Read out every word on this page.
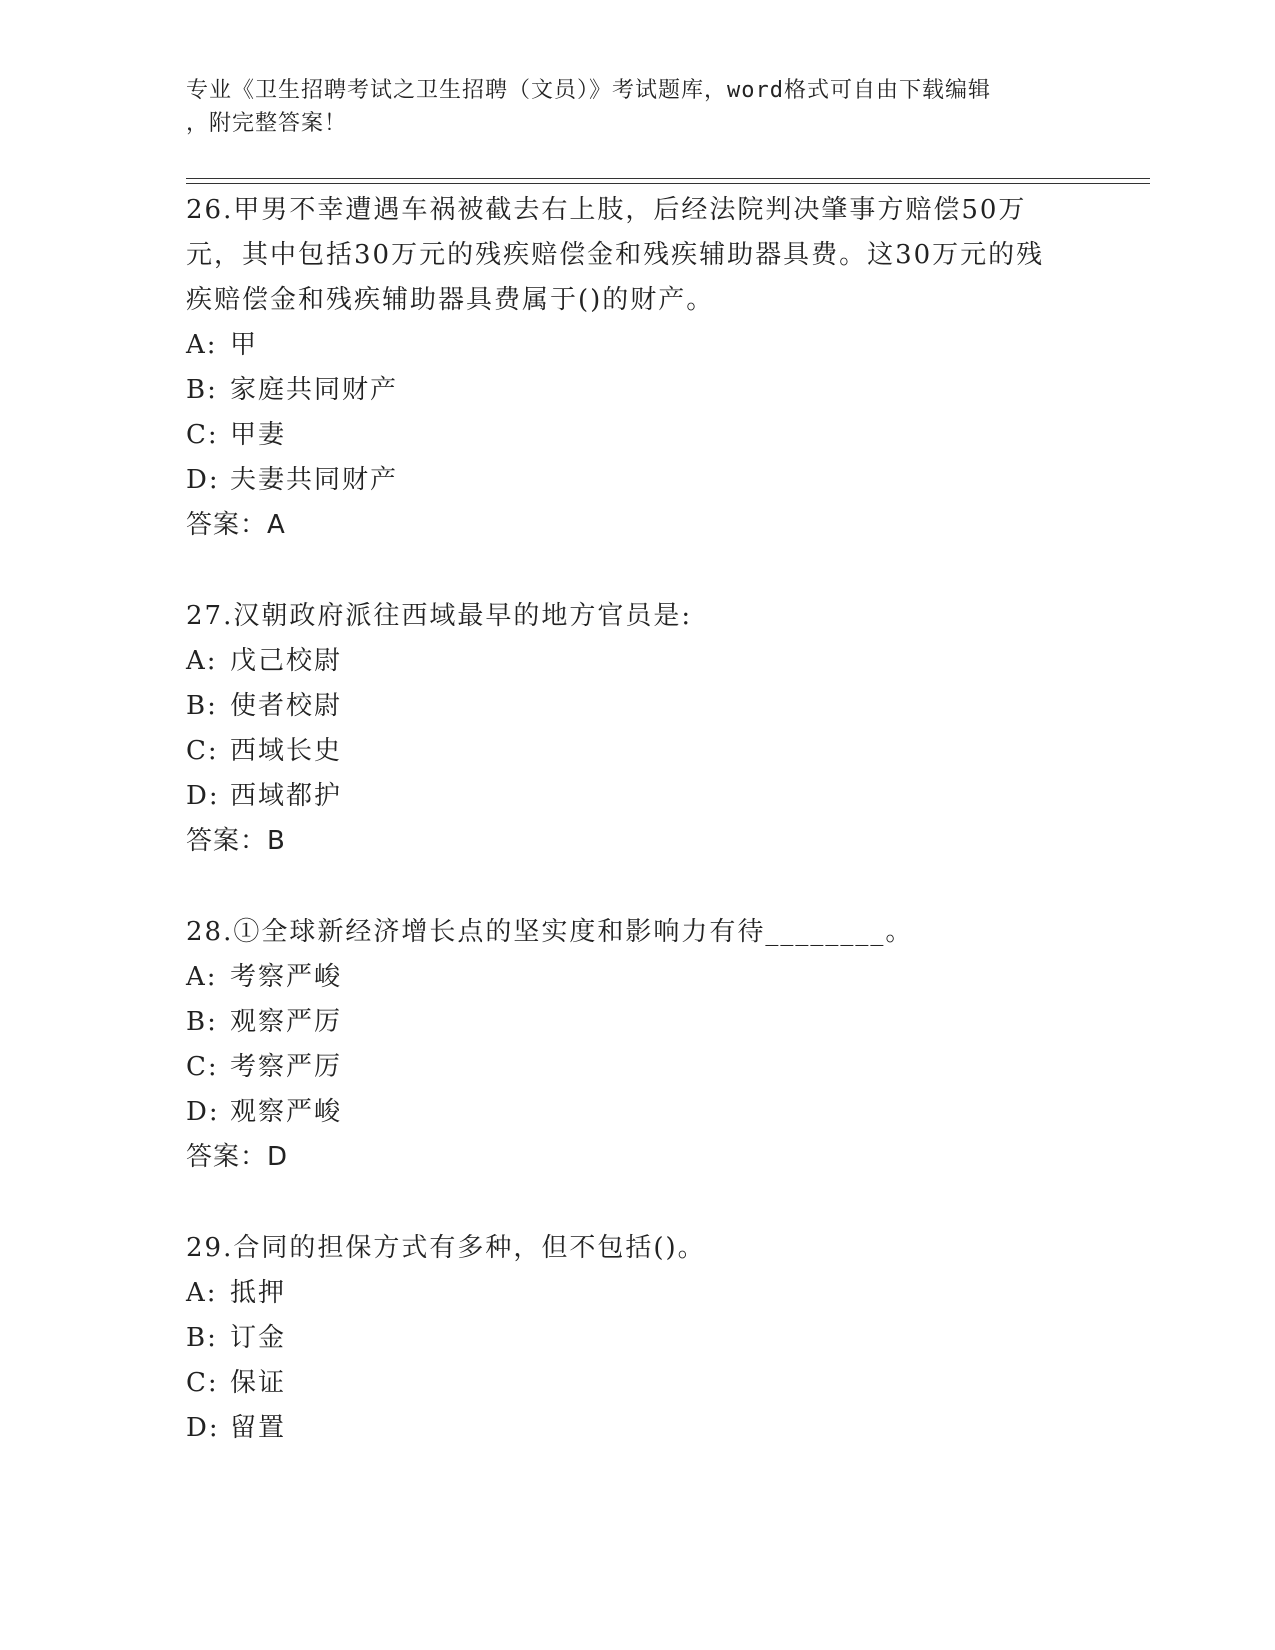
专业《卫生招聘考试之卫生招聘（文员）》考试题库，word格式可自由下载编辑
，附完整答案！
26.甲男不幸遭遇车祸被截去右上肢，后经法院判决肇事方赔偿50万元，其中包括30万元的残疾赔偿金和残疾辅助器具费。这30万元的残疾赔偿金和残疾辅助器具费属于()的财产。
A: 甲
B: 家庭共同财产
C: 甲妻
D: 夫妻共同财产
答案：A
27.汉朝政府派往西域最早的地方官员是:
A: 戊己校尉
B: 使者校尉
C: 西域长史
D: 西域都护
答案：B
28.①全球新经济增长点的坚实度和影响力有待________。
A: 考察严峻
B: 观察严厉
C: 考察严厉
D: 观察严峻
答案：D
29.合同的担保方式有多种，但不包括()。
A: 抵押
B: 订金
C: 保证
D: 留置
